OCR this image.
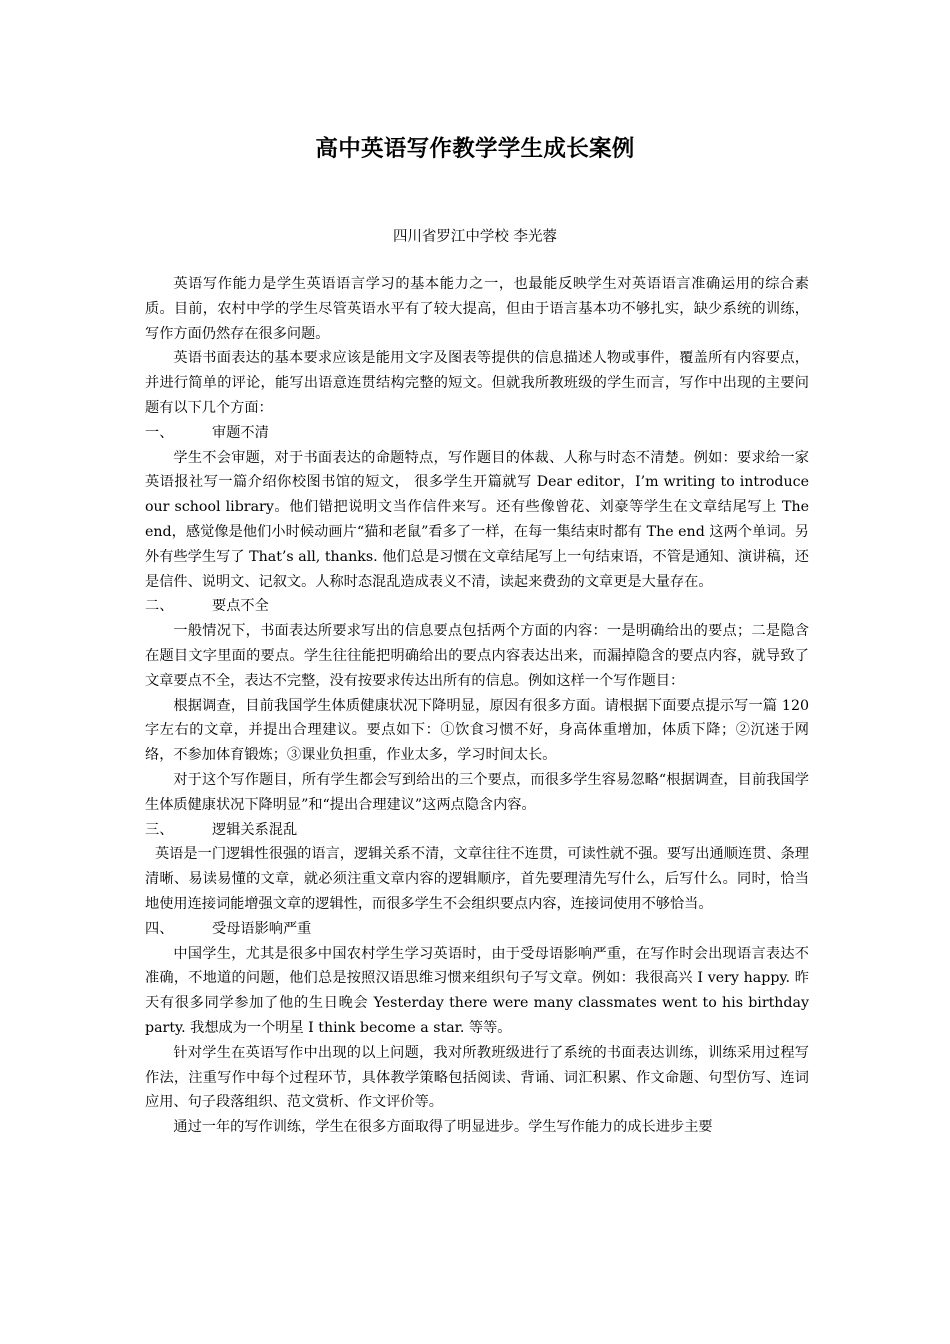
高中英语写作教学学生成长案例
四川省罗江中学校 李光蓉

英语写作能力是学生英语语言学习的基本能力之一，也最能反映学生对英语语言准确运用的综合素质。目前，农村中学的学生尽管英语水平有了较大提高，但由于语言基本功不够扎实，缺少系统的训练，写作方面仍然存在很多问题。

英语书面表达的基本要求应该是能用文字及图表等提供的信息描述人物或事件，覆盖所有内容要点，并进行简单的评论，能写出语意连贯结构完整的短文。但就我所教班级的学生而言，写作中出现的主要问题有以下几个方面：

一、	审题不清

学生不会审题，对于书面表达的命题特点，写作题目的体裁、人称与时态不清楚。例如：要求给一家英语报社写一篇介绍你校图书馆的短文， 很多学生开篇就写 Dear editor，I’m writing to introduce our school library。他们错把说明文当作信件来写。还有些像曾花、刘豪等学生在文章结尾写上 The end，感觉像是他们小时候动画片“猫和老鼠”看多了一样，在每一集结束时都有 The end 这两个单词。另外有些学生写了 That’s all, thanks. 他们总是习惯在文章结尾写上一句结束语，不管是通知、演讲稿，还是信件、说明文、记叙文。人称时态混乱造成表义不清，读起来费劲的文章更是大量存在。

二、	要点不全

一般情况下，书面表达所要求写出的信息要点包括两个方面的内容：一是明确给出的要点；二是隐含在题目文字里面的要点。学生往往能把明确给出的要点内容表达出来，而漏掉隐含的要点内容，就导致了文章要点不全，表达不完整，没有按要求传达出所有的信息。例如这样一个写作题目：

根据调查，目前我国学生体质健康状况下降明显，原因有很多方面。请根据下面要点提示写一篇 120 字左右的文章，并提出合理建议。要点如下：①饮食习惯不好，身高体重增加，体质下降；②沉迷于网络，不参加体育锻炼；③课业负担重，作业太多，学习时间太长。

对于这个写作题目，所有学生都会写到给出的三个要点，而很多学生容易忽略“根据调查，目前我国学生体质健康状况下降明显”和“提出合理建议”这两点隐含内容。

三、	逻辑关系混乱

英语是一门逻辑性很强的语言，逻辑关系不清，文章往往不连贯，可读性就不强。要写出通顺连贯、条理清晰、易读易懂的文章，就必须注重文章内容的逻辑顺序，首先要理清先写什么，后写什么。同时，恰当地使用连接词能增强文章的逻辑性，而很多学生不会组织要点内容，连接词使用不够恰当。

四、	受母语影响严重

中国学生，尤其是很多中国农村学生学习英语时，由于受母语影响严重，在写作时会出现语言表达不准确，不地道的问题，他们总是按照汉语思维习惯来组织句子写文章。例如：我很高兴 I very happy. 昨天有很多同学参加了他的生日晚会 Yesterday there were many classmates went to his birthday party. 我想成为一个明星 I think become a star. 等等。

针对学生在英语写作中出现的以上问题，我对所教班级进行了系统的书面表达训练，训练采用过程写作法，注重写作中每个过程环节，具体教学策略包括阅读、背诵、词汇积累、作文命题、句型仿写、连词应用、句子段落组织、范文赏析、作文评价等。

通过一年的写作训练，学生在很多方面取得了明显进步。学生写作能力的成长进步主要
